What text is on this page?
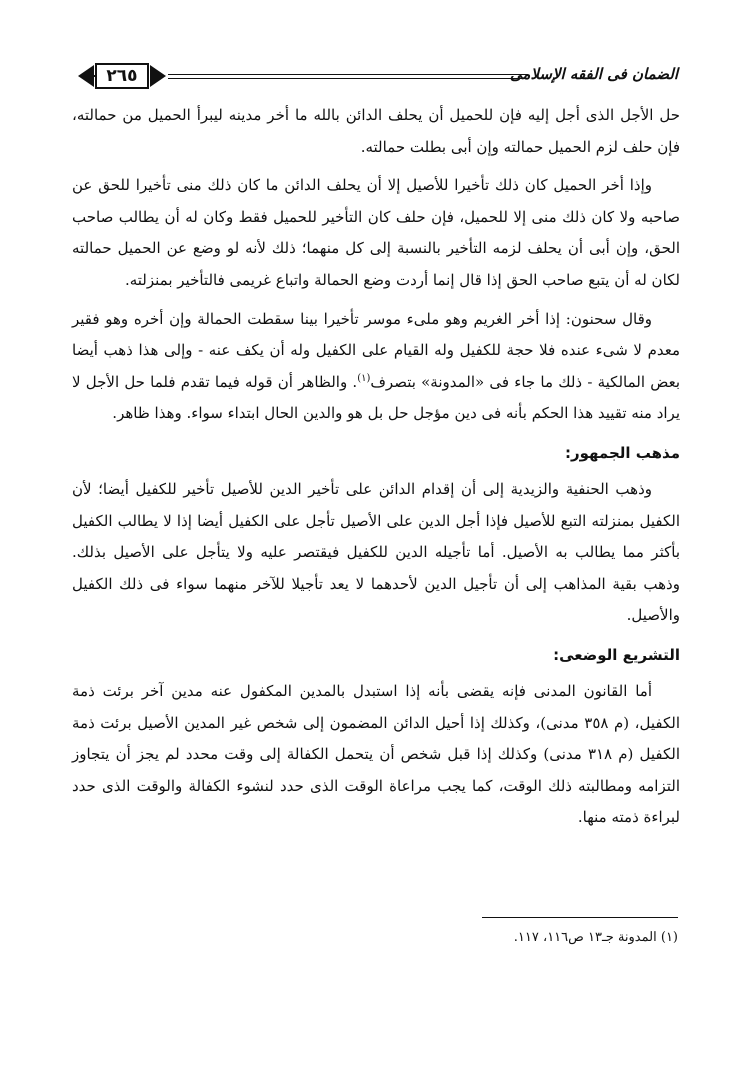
الضمان فى الفقه الإسلامى
٢٦٥

حل الأجل الذى أجل إليه فإن للحميل أن يحلف الدائن بالله ما أخر مدينه ليبرأ الحميل من حمالته، فإن حلف لزم الحميل حمالته وإن أبى بطلت حمالته.

وإذا أخر الحميل كان ذلك تأخيرا للأصيل إلا أن يحلف الدائن ما كان ذلك منى تأخيرا للحق عن صاحبه ولا كان ذلك منى إلا للحميل، فإن حلف كان التأخير للحميل فقط وكان له أن يطالب صاحب الحق، وإن أبى أن يحلف لزمه التأخير بالنسبة إلى كل منهما؛ ذلك لأنه لو وضع عن الحميل حمالته لكان له أن يتبع صاحب الحق إذا قال إنما أردت وضع الحمالة واتباع غريمى فالتأخير بمنزلته.

وقال سحنون: إذا أخر الغريم وهو ملىء موسر تأخيرا بينا سقطت الحمالة وإن أخره وهو فقير معدم لا شىء عنده فلا حجة للكفيل وله القيام على الكفيل وله أن يكف عنه - وإلى هذا ذهب أيضا بعض المالكية - ذلك ما جاء فى «المدونة» بتصرف$^{(١)}$. والظاهر أن قوله فيما تقدم فلما حل الأجل لا يراد منه تقييد هذا الحكم بأنه فى دين مؤجل حل بل هو والدين الحال ابتداء سواء. وهذا ظاهر.

مذهب الجمهور:

وذهب الحنفية والزيدية إلى أن إقدام الدائن على تأخير الدين للأصيل تأخير للكفيل أيضا؛ لأن الكفيل بمنزلته التبع للأصيل فإذا أجل الدين على الأصيل تأجل على الكفيل أيضا إذا لا يطالب الكفيل بأكثر مما يطالب به الأصيل. أما تأجيله الدين للكفيل فيقتصر عليه ولا يتأجل على الأصيل بذلك. وذهب بقية المذاهب إلى أن تأجيل الدين لأحدهما لا يعد تأجيلا للآخر منهما سواء فى ذلك الكفيل والأصيل.

التشريع الوضعى:

أما القانون المدنى فإنه يقضى بأنه إذا استبدل بالمدين المكفول عنه مدين آخر برئت ذمة الكفيل، (م ٣٥٨ مدنى)، وكذلك إذا أحيل الدائن المضمون إلى شخص غير المدين الأصيل برئت ذمة الكفيل (م ٣١٨ مدنى) وكذلك إذا قبل شخص أن يتحمل الكفالة إلى وقت محدد لم يجز أن يتجاوز التزامه ومطالبته ذلك الوقت، كما يجب مراعاة الوقت الذى حدد لنشوء الكفالة والوقت الذى حدد لبراءة ذمته منها.

(١) المدونة جـ١٣ ص١١٦، ١١٧.
